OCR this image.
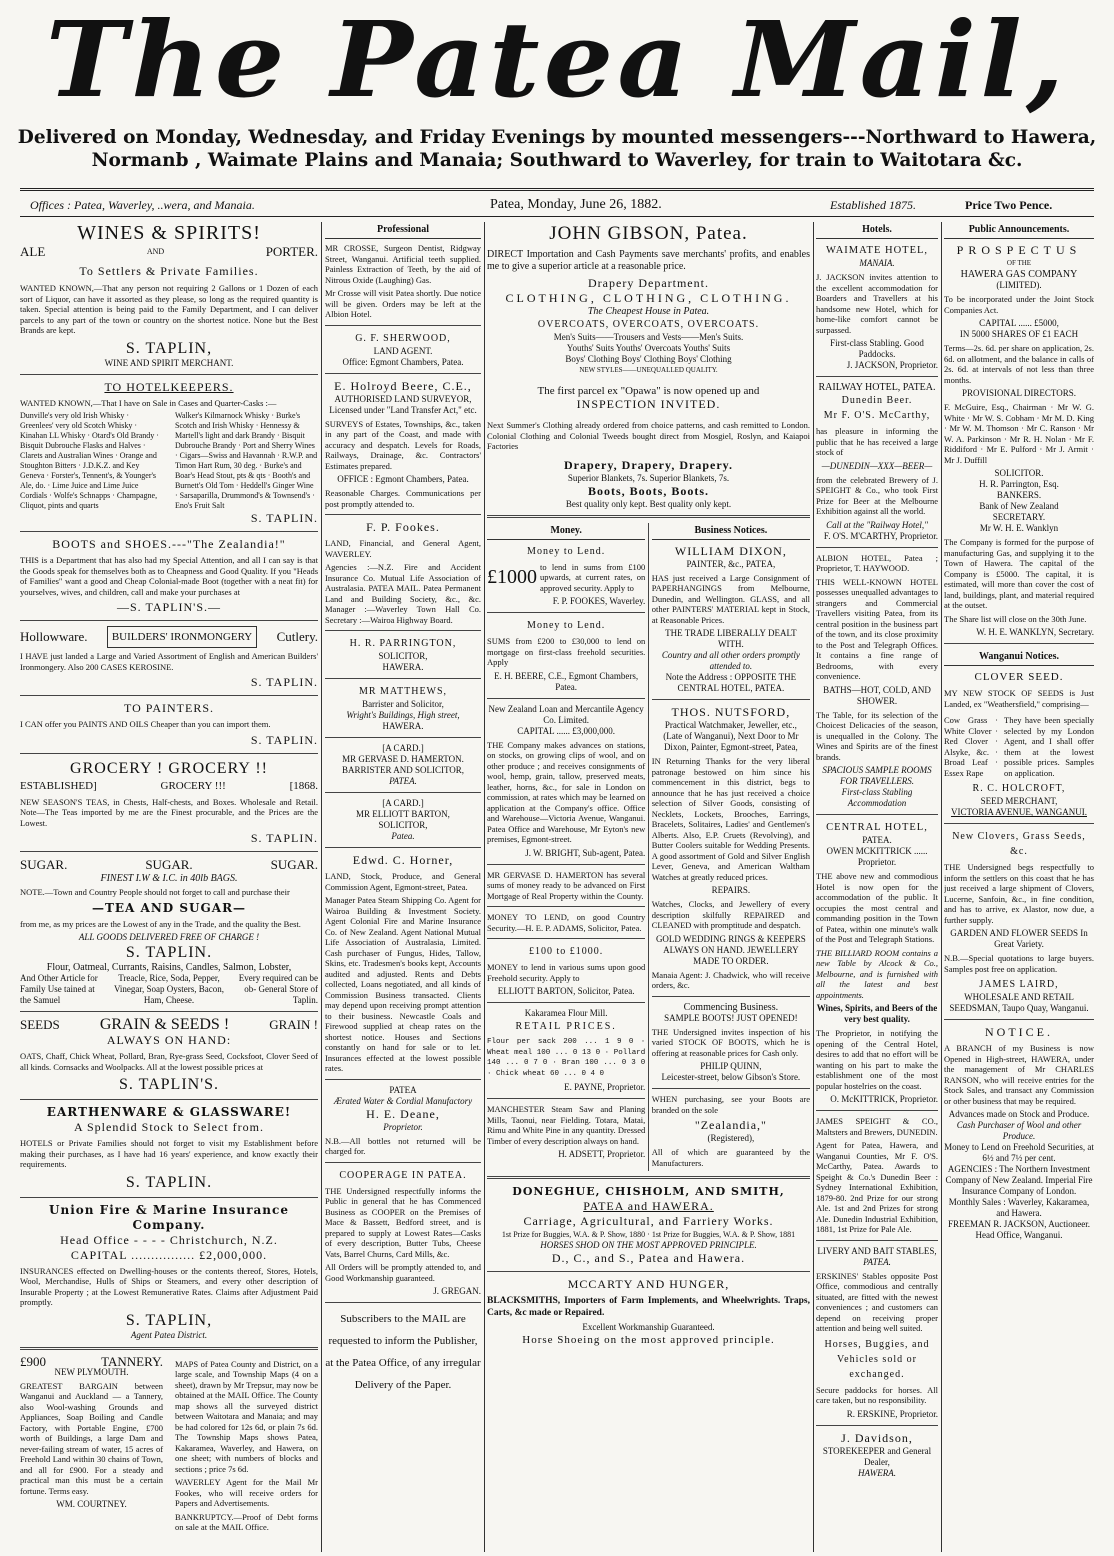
The Patea Mail,
Delivered on Monday, Wednesday, and Friday Evenings by mounted messengers---Northward to Hawera,
Normanb , Waimate Plains and Manaia; Southward to Waverley, for train to Waitotara &c.
Offices : Patea, Waverley, ..wera, and Manaia.	Patea, Monday, June 26, 1882.	Established 1875.	Price Two Pence.
WINES & SPIRITS!
ALE	AND	PORTER.
To Settlers & Private Families.
WANTED KNOWN,—That any person not requiring 2 Gallons or 1 Dozen of each sort of Liquor, can have it assorted as they please, so long as the required quantity is taken. Special attention is being paid to the Family Department, and I can deliver parcels to any part of the town or country on the shortest notice. None but the Best Brands are kept.
S. TAPLIN,
WINE AND SPIRIT MERCHANT.
TO HOTELKEEPERS.
WANTED KNOWN,—That I have on Sale in Cases and Quarter-Casks :—
Dunville's very old Irish Whisky · Greenlees' very old Scotch Whisky · Kinahan LL Whisky · Otard's Old Brandy · Bisquit Dubrouche Flasks and Halves · Clarets and Australian Wines · Orange and Stoughton Bitters · J.D.K.Z. and Key Geneva · Forster's, Tennent's, & Younger's Ale, do. · Lime Juice and Lime Juice Cordials · Wolfe's Schnapps · Champagne, Cliquot, pints and quarts
Walker's Kilmarnock Whisky · Burke's Scotch and Irish Whisky · Hennessy & Martell's light and dark Brandy · Bisquit Dubrouche Brandy · Port and Sherry Wines · Cigars—Swiss and Havannah · R.W.P. and Timon Hart Rum, 30 deg. · Burke's and Boar's Head Stout, pts & qts · Booth's and Burnett's Old Tom · Heddell's Ginger Wine · Sarsaparilla, Drummond's & Townsend's · Eno's Fruit Salt
S. TAPLIN.
BOOTS and SHOES.---"The Zealandia!"
THIS is a Department that has also had my Special Attention, and all I can say is that the Goods speak for themselves both as to Cheapness and Good Quality. If you "Heads of Families" want a good and Cheap Colonial-made Boot (together with a neat fit) for yourselves, wives, and children, call and make your purchases at
—S. TAPLIN'S.—
Hollowware.	BUILDERS' IRONMONGERY	Cutlery.
I HAVE just landed a Large and Varied Assortment of English and American Builders' Ironmongery. Also 200 CASES KEROSINE.
S. TAPLIN.
TO PAINTERS.
I CAN offer you PAINTS AND OILS Cheaper than you can import them.
S. TAPLIN.
GROCERY ! GROCERY !!
ESTABLISHED]	GROCERY !!!	[1868.
NEW SEASON'S TEAS, in Chests, Half-chests, and Boxes. Wholesale and Retail. Note—The Teas imported by me are the Finest procurable, and the Prices are the Lowest.
S. TAPLIN.
SUGAR.	SUGAR.	SUGAR.
FINEST I.W & I.C. in 40lb BAGS.
NOTE.—Town and Country People should not forget to call and purchase their
—TEA AND SUGAR—
from me, as my prices are the Lowest of any in the Trade, and the quality the Best.
ALL GOODS DELIVERED FREE OF CHARGE !
S. TAPLIN.
Flour, Oatmeal, Currants, Raisins, Candles, Salmon, Lobster,
And Other Article for Family Use tained at the Samuel
Treacle, Rice, Soda, Pepper, Vinegar, Soap Oysters, Bacon, Ham, Cheese.
Every required can be ob- General Store of Taplin.
SEEDS	GRAIN & SEEDS !	GRAIN !
ALWAYS ON HAND:
OATS, Chaff, Chick Wheat, Pollard, Bran, Rye-grass Seed, Cocksfoot, Clover Seed of all kinds. Cornsacks and Woolpacks. All at the lowest possible prices at
S. TAPLIN'S.
EARTHENWARE & GLASSWARE!
A Splendid Stock to Select from.
HOTELS or Private Families should not forget to visit my Establishment before making their purchases, as I have had 16 years' experience, and know exactly their requirements.
S. TAPLIN.
Union Fire & Marine Insurance Company.
Head Office - - - - Christchurch, N.Z.
CAPITAL ................ £2,000,000.
INSURANCES effected on Dwelling-houses or the contents thereof, Stores, Hotels, Wool, Merchandise, Hulls of Ships or Steamers, and every other description of Insurable Property ; at the Lowest Remunerative Rates. Claims after Adjustment Paid promptly.
S. TAPLIN,
Agent Patea District.
£900	TANNERY.
NEW PLYMOUTH.
GREATEST BARGAIN between Wanganui and Auckland — a Tannery, also Wool-washing Grounds and Appliances, Soap Boiling and Candle Factory, with Portable Engine, £700 worth of Buildings, a large Dam and never-failing stream of water, 15 acres of Freehold Land within 30 chains of Town, and all for £900. For a steady and practical man this must be a certain fortune. Terms easy.
WM. COURTNEY.
MAPS of Patea County and District, on a large scale, and Township Maps (4 on a sheet), drawn by Mr Trepsur, may now be obtained at the MAIL Office. The County map shows all the surveyed district between Waitotara and Manaia; and may be had colored for 12s 6d, or plain 7s 6d. The Township Maps shows Patea, Kakaramea, Waverley, and Hawera, on one sheet; with numbers of blocks and sections ; price 7s 6d.
WAVERLEY Agent for the Mail Mr Fookes, who will receive orders for Papers and Advertisements.
BANKRUPTCY.—Proof of Debt forms on sale at the MAIL Office.
Professional
MR CROSSE, Surgeon Dentist, Ridgway Street, Wanganui. Artificial teeth supplied. Painless Extraction of Teeth, by the aid of Nitrous Oxide (Laughing) Gas.
Mr Crosse will visit Patea shortly. Due notice will be given. Orders may be left at the Albion Hotel.
G. F. SHERWOOD,
LAND AGENT.
Office: Egmont Chambers, Patea.
E. Holroyd Beere, C.E.,
AUTHORISED LAND SURVEYOR, Licensed under "Land Transfer Act," etc.
SURVEYS of Estates, Townships, &c., taken in any part of the Coast, and made with accuracy and despatch. Levels for Roads, Railways, Drainage, &c. Contractors' Estimates prepared.
OFFICE : Egmont Chambers, Patea.
Reasonable Charges. Communications per post promptly attended to.
F. P. Fookes.
LAND, Financial, and General Agent, WAVERLEY.
Agencies :—N.Z. Fire and Accident Insurance Co. Mutual Life Association of Australasia. PATEA MAIL. Patea Permanent Land and Building Society, &c., &c. Manager :—Waverley Town Hall Co. Secretary :—Wairoa Highway Board.
H. R. PARRINGTON,
SOLICITOR,
HAWERA.
MR MATTHEWS,
Barrister and Solicitor,
Wright's Buildings, High street,
HAWERA.
[A CARD.]
MR GERVASE D. HAMERTON.
BARRISTER AND SOLICITOR,
PATEA.
[A CARD.]
MR ELLIOTT BARTON,
SOLICITOR,
Patea.
Edwd. C. Horner,
LAND, Stock, Produce, and General Commission Agent, Egmont-street, Patea.
Manager Patea Steam Shipping Co. Agent for Wairoa Building & Investment Society. Agent Colonial Fire and Marine Insurance Co. of New Zealand. Agent National Mutual Life Association of Australasia, Limited. Cash purchaser of Fungus, Hides, Tallow, Skins, etc. Tradesmen's books kept, Accounts audited and adjusted. Rents and Debts collected, Loans negotiated, and all kinds of Commission Business transacted. Clients may depend upon receiving prompt attention to their business. Newcastle Coals and Firewood supplied at cheap rates on the shortest notice. Houses and Sections constantly on hand for sale or to let. Insurances effected at the lowest possible rates.
PATEA
Ærated Water & Cordial Manufactory
H. E. Deane,
Proprietor.
N.B.—All bottles not returned will be charged for.
COOPERAGE IN PATEA.
THE Undersigned respectfully informs the Public in general that he has Commenced Business as COOPER on the Premises of Mace & Bassett, Bedford street, and is prepared to supply at Lowest Rates—Casks of every description, Butter Tubs, Cheese Vats, Barrel Churns, Card Mills, &c.
All Orders will be promptly attended to, and Good Workmanship guaranteed.
J. GREGAN.
Subscribers to the MAIL are requested to inform the Publisher, at the Patea Office, of any irregular Delivery of the Paper.
JOHN GIBSON, Patea.
DIRECT Importation and Cash Payments save merchants' profits, and enables me to give a superior article at a reasonable price.
Drapery Department.
CLOTHING, CLOTHING, CLOTHING.
The Cheapest House in Patea.
OVERCOATS, OVERCOATS, OVERCOATS.
Men's Suits——Trousers and Vests——Men's Suits.
Youths' Suits Youths' Overcoats Youths' Suits
Boys' Clothing Boys' Clothing Boys' Clothing
NEW STYLES——UNEQUALLED QUALITY.
The first parcel ex "Opawa" is now opened up and
INSPECTION INVITED.
Next Summer's Clothing already ordered from choice patterns, and cash remitted to London. Colonial Clothing and Colonial Tweeds bought direct from Mosgiel, Roslyn, and Kaiapoi Factories
Drapery, Drapery, Drapery.
Superior Blankets, 7s. Superior Blankets, 7s.
Boots, Boots, Boots.
Best quality only kept. Best quality only kept.
Money.
Money to Lend.
£1000 to lend in sums from £100 upwards, at current rates, on approved security. Apply to
F. P. FOOKES, Waverley.
Money to Lend.
SUMS from £200 to £30,000 to lend on mortgage on first-class freehold securities. Apply
E. H. BEERE, C.E., Egmont Chambers, Patea.
New Zealand Loan and Mercantile Agency Co. Limited.
CAPITAL ...... £3,000,000.
THE Company makes advances on stations, on stocks, on growing clips of wool, and on other produce ; and receives consignments of wool, hemp, grain, tallow, preserved meats, leather, horns, &c., for sale in London on commission, at rates which may be learned on application at the Company's office. Office and Warehouse—Victoria Avenue, Wanganui. Patea Office and Warehouse, Mr Eyton's new premises, Egmont-street.
J. W. BRIGHT, Sub-agent, Patea.
MR GERVASE D. HAMERTON has several sums of money ready to be advanced on First Mortgage of Real Property within the County.
MONEY TO LEND, on good Country Security.—H. E. P. ADAMS, Solicitor, Patea.
£100 to £1000.
MONEY to lend in various sums upon good Freehold security. Apply to
ELLIOTT BARTON, Solicitor, Patea.
Kakaramea Flour Mill.
RETAIL PRICES.
Flour per sack 200 ... 1 9 0 · Wheat meal 100 ... 0 13 0 · Pollard 140 ... 0 7 0 · Bran 100 ... 0 3 0 · Chick wheat 60 ... 0 4 0
E. PAYNE, Proprietor.
MANCHESTER Steam Saw and Planing Mills, Taonui, near Fielding. Totara, Matai, Rimu and White Pine in any quantity. Dressed Timber of every description always on hand.
H. ADSETT, Proprietor.
Business Notices.
WILLIAM DIXON,
PAINTER, &c., PATEA,
HAS just received a Large Consignment of PAPERHANGINGS from Melbourne, Dunedin, and Wellington. GLASS, and all other PAINTERS' MATERIAL kept in Stock, at Reasonable Prices.
THE TRADE LIBERALLY DEALT WITH.
Country and all other orders promptly attended to.
Note the Address : OPPOSITE THE CENTRAL HOTEL, PATEA.
THOS. NUTSFORD,
Practical Watchmaker, Jeweller, etc.,
(Late of Wanganui), Next Door to Mr Dixon, Painter, Egmont-street, Patea,
IN Returning Thanks for the very liberal patronage bestowed on him since his commencement in this district, begs to announce that he has just received a choice selection of Silver Goods, consisting of Necklets, Lockets, Brooches, Earrings, Bracelets, Solitaires, Ladies' and Gentlemen's Alberts. Also, E.P. Cruets (Revolving), and Butter Coolers suitable for Wedding Presents. A good assortment of Gold and Silver English Lever, Geneva, and American Waltham Watches at greatly reduced prices.
REPAIRS.
Watches, Clocks, and Jewellery of every description skilfully REPAIRED and CLEANED with promptitude and despatch.
GOLD WEDDING RINGS & KEEPERS ALWAYS ON HAND. JEWELLERY MADE TO ORDER.
Manaia Agent: J. Chadwick, who will receive orders, &c.
Commencing Business.
SAMPLE BOOTS! JUST OPENED!
THE Undersigned invites inspection of his varied STOCK OF BOOTS, which he is offering at reasonable prices for Cash only.
PHILIP QUINN,
Leicester-street, below Gibson's Store.
WHEN purchasing, see your Boots are branded on the sole
"Zealandia,"
(Registered),
All of which are guaranteed by the Manufacturers.
DONEGHUE, CHISHOLM, AND SMITH,
PATEA and HAWERA.
Carriage, Agricultural, and Farriery Works.
1st Prize for Buggies, W.A. & P. Show, 1880 · 1st Prize for Buggies, W.A. & P. Show, 1881
HORSES SHOD ON THE MOST APPROVED PRINCIPLE.
D., C., and S., Patea and Hawera.
MCCARTY AND HUNGER,
BLACKSMITHS, Importers of Farm Implements, and Wheelwrights. Traps, Carts, &c made or Repaired.
Excellent Workmanship Guaranteed.
Horse Shoeing on the most approved principle.
Hotels.
WAIMATE HOTEL,
MANAIA.
J. JACKSON invites attention to the excellent accommodation for Boarders and Travellers at his handsome new Hotel, which for home-like comfort cannot be surpassed.
First-class Stabling. Good Paddocks.
J. JACKSON, Proprietor.
RAILWAY HOTEL, PATEA.
Dunedin Beer.
Mr F. O'S. McCarthy,
has pleasure in informing the public that he has received a large stock of
—DUNEDIN—XXX—BEER—
from the celebrated Brewery of J. SPEIGHT & Co., who took First Prize for Beer at the Melbourne Exhibition against all the world.
Call at the "Railway Hotel,"
F. O'S. M'CARTHY, Proprietor.
ALBION HOTEL, Patea ; Proprietor, T. HAYWOOD.
THIS WELL-KNOWN HOTEL possesses unequalled advantages to strangers and Commercial Travellers visiting Patea, from its central position in the business part of the town, and its close proximity to the Post and Telegraph Offices. It contains a fine range of Bedrooms, with every convenience.
BATHS—HOT, COLD, AND SHOWER.
The Table, for its selection of the Choicest Delicacies of the season, is unequalled in the Colony. The Wines and Spirits are of the finest brands.
SPACIOUS SAMPLE ROOMS FOR TRAVELLERS.
First-class Stabling Accommodation
CENTRAL HOTEL,
PATEA.
OWEN MCKITTRICK ...... Proprietor.
THE above new and commodious Hotel is now open for the accommodation of the public. It occupies the most central and commanding position in the Town of Patea, within one minute's walk of the Post and Telegraph Stations.
THE BILLIARD ROOM contains a new Table by Alcock & Co., Melbourne, and is furnished with all the latest and best appointments.
Wines, Spirits, and Beers of the very best quality.
The Proprietor, in notifying the opening of the Central Hotel, desires to add that no effort will be wanting on his part to make the establishment one of the most popular hostelries on the coast.
O. McKITTRICK, Proprietor.
JAMES SPEIGHT & CO., Maltsters and Brewers, DUNEDIN.
Agent for Patea, Hawera, and Wanganui Counties, Mr F. O'S. McCarthy, Patea. Awards to Speight & Co.'s Dunedin Beer : Sydney International Exhibition, 1879-80. 2nd Prize for our strong Ale. 1st and 2nd Prizes for strong Ale. Dunedin Industrial Exhibition, 1881, 1st Prize for Pale Ale.
LIVERY AND BAIT STABLES,
PATEA.
ERSKINES' Stables opposite Post Office, commodious and centrally situated, are fitted with the newest conveniences ; and customers can depend on receiving proper attention and being well suited.
Horses, Buggies, and Vehicles sold or exchanged.
Secure paddocks for horses. All care taken, but no responsibility.
R. ERSKINE, Proprietor.
J. Davidson,
STOREKEEPER and General Dealer,
HAWERA.
Public Announcements.
PROSPECTUS
OF THE
HAWERA GAS COMPANY
(LIMITED).
To be incorporated under the Joint Stock Companies Act.
CAPITAL ...... £5000,
IN 5000 SHARES OF £1 EACH
Terms—2s. 6d. per share on application, 2s. 6d. on allotment, and the balance in calls of 2s. 6d. at intervals of not less than three months.
PROVISIONAL DIRECTORS.
F. McGuire, Esq., Chairman · Mr W. G. White · Mr W. S. Cobham · Mr M. D. King · Mr W. M. Thomson · Mr C. Ranson · Mr W. A. Parkinson · Mr R. H. Nolan · Mr F. Riddiford · Mr E. Pulford · Mr J. Armit · Mr J. Duffill
SOLICITOR.
H. R. Parrington, Esq.
BANKERS.
Bank of New Zealand
SECRETARY.
Mr W. H. E. Wanklyn
The Company is formed for the purpose of manufacturing Gas, and supplying it to the Town of Hawera. The capital of the Company is £5000. The capital, it is estimated, will more than cover the cost of land, buildings, plant, and material required at the outset.
The Share list will close on the 30th June.
W. H. E. WANKLYN, Secretary.
Wanganui Notices.
CLOVER SEED.
MY NEW STOCK OF SEEDS is Just Landed, ex "Weathersfield," comprising—
Cow Grass · White Clover · Red Clover · Alsyke, &c. · Broad Leaf · Essex Rape
They have been specially selected by my London Agent, and I shall offer them at the lowest possible prices. Samples on application.
R. C. HOLCROFT,
SEED MERCHANT,
VICTORIA AVENUE, WANGANUI.
New Clovers, Grass Seeds, &c.
THE Undersigned begs respectfully to inform the settlers on this coast that he has just received a large shipment of Clovers, Lucerne, Sanfoin, &c., in fine condition, and has to arrive, ex Alastor, now due, a further supply.
GARDEN AND FLOWER SEEDS In Great Variety.
N.B.—Special quotations to large buyers. Samples post free on application.
JAMES LAIRD,
WHOLESALE AND RETAIL SEEDSMAN, Taupo Quay, Wanganui.
NOTICE.
A BRANCH of my Business is now Opened in High-street, HAWERA, under the management of Mr CHARLES RANSON, who will receive entries for the Stock Sales, and transact any Commission or other business that may be required.
Advances made on Stock and Produce.
Cash Purchaser of Wool and other Produce.
Money to Lend on Freehold Securities, at 6½ and 7½ per cent.
AGENCIES : The Northern Investment Company of New Zealand. Imperial Fire Insurance Company of London.
Monthly Sales : Waverley, Kakaramea, and Hawera.
FREEMAN R. JACKSON, Auctioneer.
Head Office, Wanganui.
